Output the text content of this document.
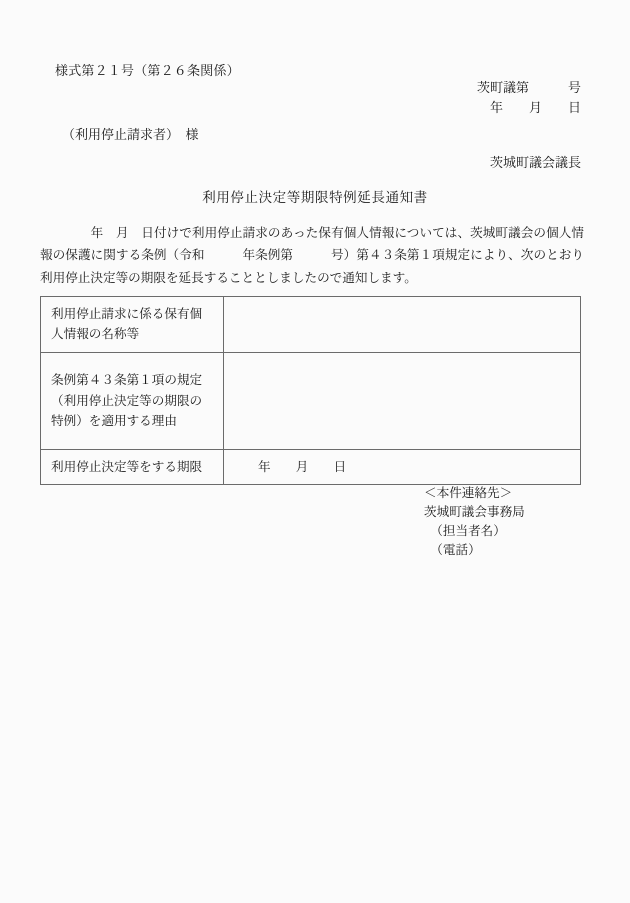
様式第２１号（第２６条関係）
茨町議第　　　号
　年　　月　　日
（利用停止請求者）　様
茨城町議会議長
利用停止決定等期限特例延長通知書
　　　　年　月　日付けで利用停止請求のあった保有個人情報については、茨城町議会の個人情報の保護に関する条例（令和　　　年条例第　　　号）第４３条第１項規定により、次のとおり利用停止決定等の期限を延長することとしましたので通知します。
利用停止請求に係る保有個
人情報の名称等	

条例第４３条第１項の規定
（利用停止決定等の期限の
特例）を適用する理由	

利用停止決定等をする期限	年　　月　　日
＜本件連絡先＞
茨城町議会事務局
　（担当者名）
　（電話）
